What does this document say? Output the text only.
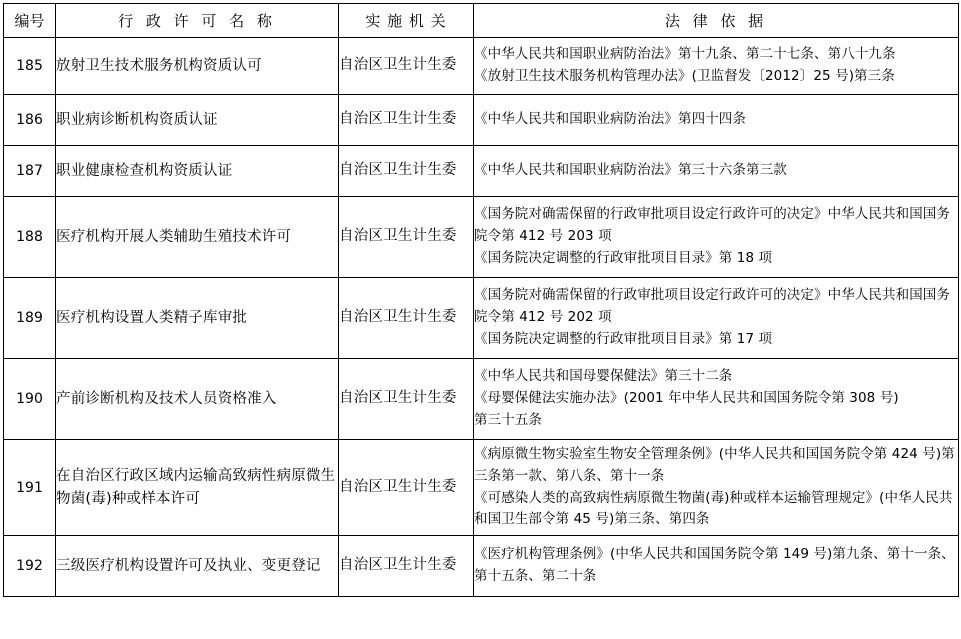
编号	行 政 许 可 名 称	实 施 机 关	法 律 依 据
185	放射卫生技术服务机构资质认可	自治区卫生计生委	《中华人民共和国职业病防治法》第十九条、第二十七条、第八十九条
《放射卫生技术服务机构管理办法》(卫监督发〔2012〕25 号)第三条

186	职业病诊断机构资质认证	自治区卫生计生委	《中华人民共和国职业病防治法》第四十四条

187	职业健康检查机构资质认证	自治区卫生计生委	《中华人民共和国职业病防治法》第三十六条第三款

188	医疗机构开展人类辅助生殖技术许可	自治区卫生计生委	《国务院对确需保留的行政审批项目设定行政许可的决定》中华人民共和国国务院令第 412 号 203 项
《国务院决定调整的行政审批项目目录》第 18 项

189	医疗机构设置人类精子库审批	自治区卫生计生委	《国务院对确需保留的行政审批项目设定行政许可的决定》中华人民共和国国务院令第 412 号 202 项
《国务院决定调整的行政审批项目目录》第 17 项

190	产前诊断机构及技术人员资格准入	自治区卫生计生委	《中华人民共和国母婴保健法》第三十二条
《母婴保健法实施办法》(2001 年中华人民共和国国务院令第 308 号)
第三十五条

191	在自治区行政区域内运输高致病性病原微生物菌(毒)种或样本许可	自治区卫生计生委	《病原微生物实验室生物安全管理条例》(中华人民共和国国务院令第 424 号)第三条第一款、第八条、第十一条
《可感染人类的高致病性病原微生物菌(毒)种或样本运输管理规定》(中华人民共和国卫生部令第 45 号)第三条、第四条

192	三级医疗机构设置许可及执业、变更登记	自治区卫生计生委	《医疗机构管理条例》(中华人民共和国国务院令第 149 号)第九条、第十一条、第十五条、第二十条
